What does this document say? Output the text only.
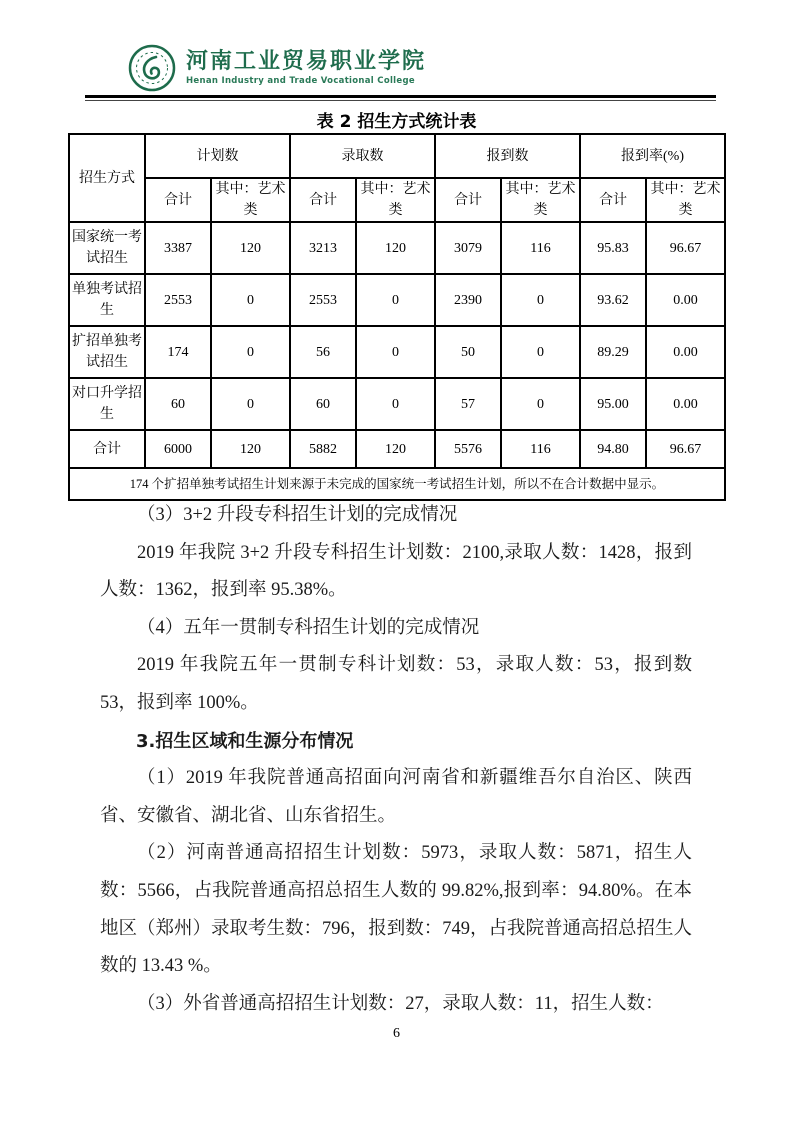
河南工业贸易职业学院
Henan Industry and Trade Vocational College
表 2 招生方式统计表
招生方式	计划数		录取数		报到数		报到率(%)	
	合计	其中：艺术类	合计	其中：艺术类	合计	其中：艺术类	合计	其中：艺术类
国家统一考试招生	3387	120	3213	120	3079	116	95.83	96.67
单独考试招生	2553	0	2553	0	2390	0	93.62	0.00
扩招单独考试招生	174	0	56	0	50	0	89.29	0.00
对口升学招生	60	0	60	0	57	0	95.00	0.00
合计	6000	120	5882	120	5576	116	94.80	96.67
174 个扩招单独考试招生计划来源于未完成的国家统一考试招生计划，所以不在合计数据中显示。								

（3）3+2 升段专科招生计划的完成情况

2019 年我院 3+2 升段专科招生计划数：2100,录取人数：1428，报到人数：1362，报到率 95.38%。

（4）五年一贯制专科招生计划的完成情况

2019 年我院五年一贯制专科计划数：53，录取人数：53，报到数 53，报到率 100%。

3.招生区域和生源分布情况

（1）2019 年我院普通高招面向河南省和新疆维吾尔自治区、陕西省、安徽省、湖北省、山东省招生。

（2）河南普通高招招生计划数：5973，录取人数：5871，招生人数：5566，占我院普通高招总招生人数的 99.82%,报到率：94.80%。在本地区（郑州）录取考生数：796，报到数：749，占我院普通高招总招生人数的 13.43 %。

（3）外省普通高招招生计划数：27，录取人数：11，招生人数：

6
